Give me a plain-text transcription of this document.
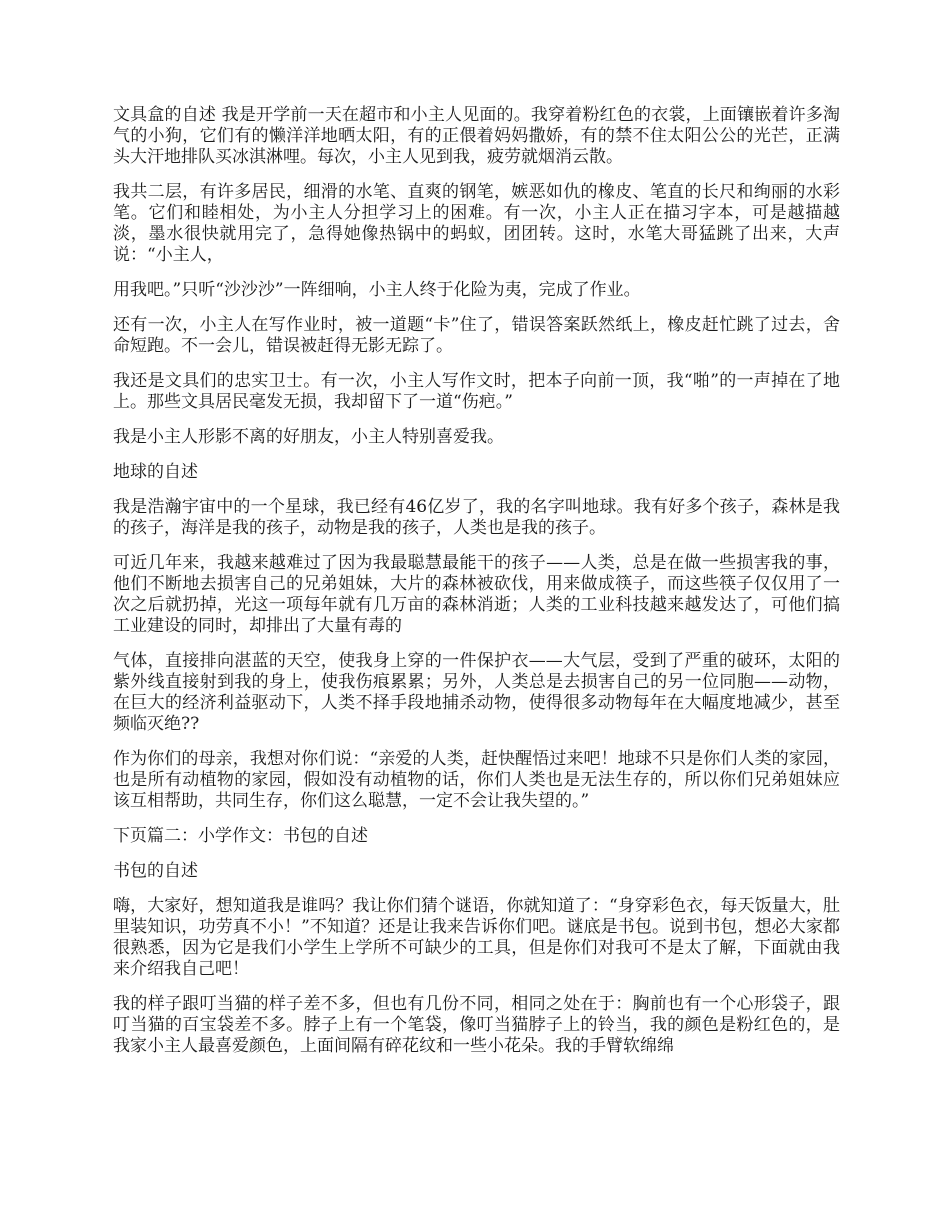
文具盒的自述 我是开学前一天在超市和小主人见面的。我穿着粉红色的衣裳，上面镶嵌着许多淘气的小狗，它们有的懒洋洋地晒太阳，有的正偎着妈妈撒娇，有的禁不住太阳公公的光芒，正满头大汗地排队买冰淇淋哩。每次，小主人见到我，疲劳就烟消云散。

我共二层，有许多居民，细滑的水笔、直爽的钢笔，嫉恶如仇的橡皮、笔直的长尺和绚丽的水彩笔。它们和睦相处，为小主人分担学习上的困难。有一次，小主人正在描习字本，可是越描越淡，墨水很快就用完了，急得她像热锅中的蚂蚁，团团转。这时，水笔大哥猛跳了出来，大声说：“小主人，

用我吧。”只听“沙沙沙”一阵细响，小主人终于化险为夷，完成了作业。

还有一次，小主人在写作业时，被一道题“卡”住了，错误答案跃然纸上，橡皮赶忙跳了过去，舍命短跑。不一会儿，错误被赶得无影无踪了。

我还是文具们的忠实卫士。有一次，小主人写作文时，把本子向前一顶，我“啪”的一声掉在了地上。那些文具居民毫发无损，我却留下了一道“伤疤。”

我是小主人形影不离的好朋友，小主人特别喜爱我。

地球的自述

我是浩瀚宇宙中的一个星球，我已经有46亿岁了，我的名字叫地球。我有好多个孩子，森林是我的孩子，海洋是我的孩子，动物是我的孩子，人类也是我的孩子。

可近几年来，我越来越难过了因为我最聪慧最能干的孩子——人类，总是在做一些损害我的事，他们不断地去损害自己的兄弟姐妹，大片的森林被砍伐，用来做成筷子，而这些筷子仅仅用了一次之后就扔掉，光这一项每年就有几万亩的森林消逝；人类的工业科技越来越发达了，可他们搞工业建设的同时，却排出了大量有毒的

气体，直接排向湛蓝的天空，使我身上穿的一件保护衣——大气层，受到了严重的破环，太阳的紫外线直接射到我的身上，使我伤痕累累；另外，人类总是去损害自己的另一位同胞——动物，在巨大的经济利益驱动下，人类不择手段地捕杀动物，使得很多动物每年在大幅度地减少，甚至频临灭绝??

作为你们的母亲，我想对你们说：“亲爱的人类，赶快醒悟过来吧！地球不只是你们人类的家园，也是所有动植物的家园，假如没有动植物的话，你们人类也是无法生存的，所以你们兄弟姐妹应该互相帮助，共同生存，你们这么聪慧，一定不会让我失望的。”

下页篇二：小学作文：书包的自述

书包的自述

嗨，大家好，想知道我是谁吗？我让你们猜个谜语，你就知道了：“身穿彩色衣，每天饭量大，肚里装知识，功劳真不小！”不知道？还是让我来告诉你们吧。谜底是书包。说到书包，想必大家都很熟悉，因为它是我们小学生上学所不可缺少的工具，但是你们对我可不是太了解，下面就由我来介绍我自己吧！

我的样子跟叮当猫的样子差不多，但也有几份不同，相同之处在于：胸前也有一个心形袋子，跟叮当猫的百宝袋差不多。脖子上有一个笔袋，像叮当猫脖子上的铃当，我的颜色是粉红色的，是我家小主人最喜爱颜色，上面间隔有碎花纹和一些小花朵。我的手臂软绵绵
